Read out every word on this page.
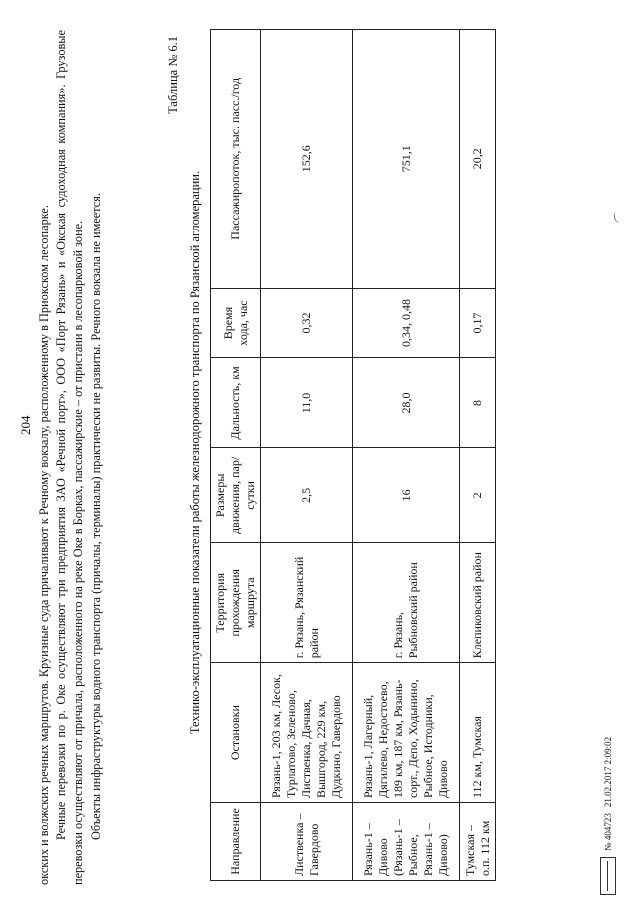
204 окских и волжских речных маршрутов. Круизные суда причаливают к Речному вокзалу, расположенному в Приокском лесопарке. Речные перевозки по р. Оке осуществляют три предприятия ЗАО «Речной порт», ООО «Порт Рязань» и «Окская судоходная компания». Грузовые перевозки осуществляют от причала, расположенного на реке Оке в Борках, пассажирские – от пристани в лесопарковой зоне. Объекты инфраструктуры водного транспорта (причалы, терминалы) практически не развиты. Речного вокзала не имеется.

Таблица № 6.1
Технико-эксплуатационные показатели работы железнодорожного транспорта по Рязанской агломерации.
Направление	Остановки	Территория прохождения маршрута	Размеры движения, пар/сутки	Дальность, км	Время хода, час	Пассажиропоток, тыс. пасс./год
Лиственка – Гавердово	Рязань-1, 203 км, Лесок, Турлатово, Зеленово, Лиственка, Дачная, Вышгород, 229 км, Дудкино, Гавердово	г. Рязань, Рязанский район	2,5	11,0	0,32	152,6
Рязань-1 – Дивово (Рязань-1 – Рыбное, Рязань-1 – Дивово)	Рязань-1, Лагерный, Дягилево, Недостоево, 189 км, 187 км, Рязань-сорт., Депо, Ходынино, Рыбное, Истодники, Дивово	г. Рязань, Рыбновский район	16	28,0	0,34, 0,48	751,1
Тумская – о.п. 112 км	112 км, Тумская	Клепиковский район	2	8	0,17	20,2
№ 404723
21.02.2017 2:09:02
